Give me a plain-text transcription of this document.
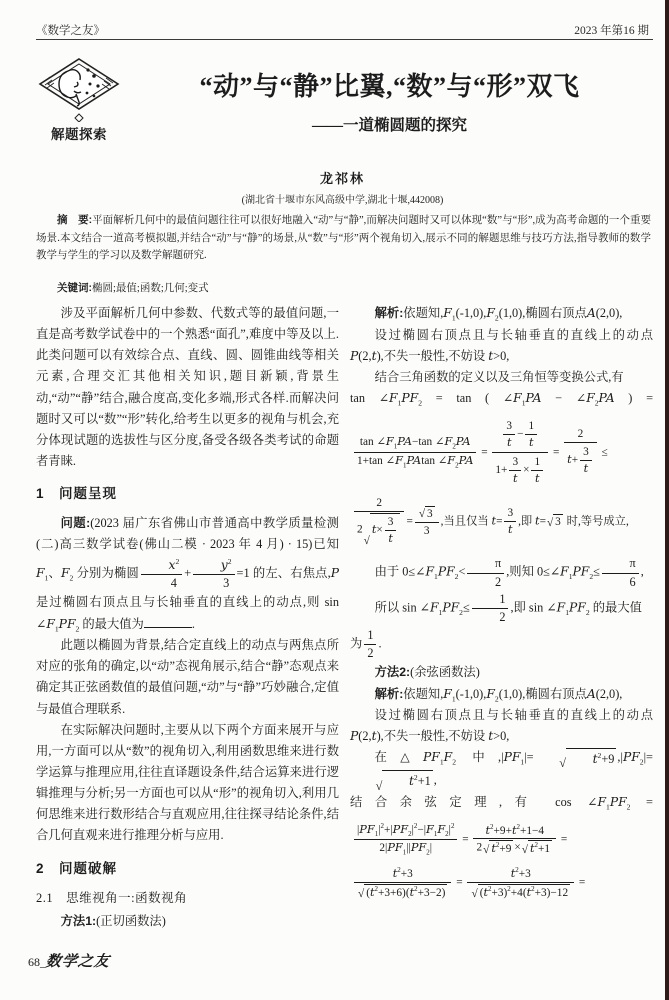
《数学之友》	2023 年第16 期
解题探索
“动”与“静”比翼,“数”与“形”双飞
——一道椭圆题的探究
龙祁林
(湖北省十堰市东风高级中学,湖北十堰,442008)

摘　要:平面解析几何中的最值问题往往可以很好地融入“动”与“静”,而解决问题时又可以体现“数”与“形”,成为高考命题的一个重要场景.本文结合一道高考模拟题,并结合“动”与“静”的场景,从“数”与“形”两个视角切入,展示不同的解题思维与技巧方法,指导教师的数学教学与学生的学习以及数学解题研究.

关键词:椭圆;最值;函数;几何;变式

涉及平面解析几何中参数、代数式等的最值问题,一直是高考数学试卷中的一个熟悉“面孔”,难度中等及以上.此类问题可以有效综合点、直线、圆、圆锥曲线等相关元素,合理交汇其他相关知识,题目新颖,背景生动,“动”“静”结合,融合度高,变化多端,形式各样.而解决问题时又可以“数”“形”转化,给考生以更多的视角与机会,充分体现试题的选拔性与区分度,备受各级各类考试的命题者青睐.
1　问题呈现
问题:(2023 届广东省佛山市普通高中教学质量检测(二)高三数学试卷(佛山二模 · 2023 年 4 月) · 15)已知 $F_1$、$F_2$ 分别为椭圆 $\frac{x^2}{4} + \frac{y^2}{3} =1$ 的左、右焦点,P 是过椭圆右顶点且与长轴垂直的直线上的动点,则 $\sin \angle F_1PF_2$ 的最大值为	.
此题以椭圆为背景,结合定直线上的动点与两焦点所对应的张角的确定,以“动”态视角展示,结合“静”态观点来确定其正弦函数值的最值问题,“动”与“静”巧妙融合,定值与最值合理联系.
在实际解决问题时,主要从以下两个方面来展开与应用,一方面可以从“数”的视角切入,利用函数思维来进行数学运算与推理应用,往往直译题设条件,结合运算来进行逻辑推理与分析;另一方面也可以从“形”的视角切入,利用几何思维来进行数形结合与直观应用,往往探寻结论条件,结合几何直观来进行推理分析与应用.
2　问题破解
2.1　思维视角一:函数视角
方法1:(正切函数法)
解析:依题知$,F_1(-1,0),F_2(1,0)$,椭圆右顶点A(2,0),
设过椭圆右顶点且与长轴垂直的直线上的动点 P(2,t),不失一般性,不妨设 t>0,
结合三角函数的定义以及三角恒等变换公式,有
$\tan \angle F_1PF_2 = \tan$ ( $\angle F_1PA$ − $\angle F_2PA$ ) =
$\frac{\tan \angle F_1PA-\tan \angle F_2PA}{1+\tan \angle F_1PAtan \angle F_2PA} = \frac{\frac{3}{t} - \frac{1}{t}}{1+ \frac{3}{t} \times \frac{1}{t}} = \frac{2}{t+ \frac{3}{t}}$ ≤
2
2
√
$t\times \frac{3}{t} = \frac{√ 3}{3}$ ,当且仅当 $t= \frac{3}{t}$ ,即 t= √ 3 时,等号成立,
由于 $0\le\angle F_1PF_2< \frac{\pi}{2}$ ,则知 $0\le\angle F_1PF_2\le \frac{\pi}{6}$ ,
所以 $\sin \angle F_1PF_2\le \frac{1}{2}$ ,即 $\sin \angle F_1PF_2$ 的最大值
为 $\frac{1}{2}$ .
方法2:(余弦函数法)
解析:依题知$,F_1(-1,0),F_2(1,0)$,椭圆右顶点A(2,0),
设过椭圆右顶点且与长轴垂直的直线上的动点 P(2,t),不失一般性,不妨设 t>0,
在$\triangle PF_1F_2$ 中$,|PF_1|=$	√	$t^2+9$ $,|PF_2|=$
√	$t^2+1$ ,
结合余弦定理,有 $\cos \angle F_1PF_2$ =
$\frac{|PF_1|^2+|PF_2|^2-|F_1F_2|^2}{2|PF_1||PF_2|} = \frac{t^2+9+t^2+1-4}{2 √ t^2+9 \times √ t^2+1}$ =
$\frac{t^2+3}{√ (t^2+3+6)(t^2+3-2)} = \frac{t^2+3}{√ (t^2+3)^2+4(t^2+3)-12}$ =
68_数学之友
